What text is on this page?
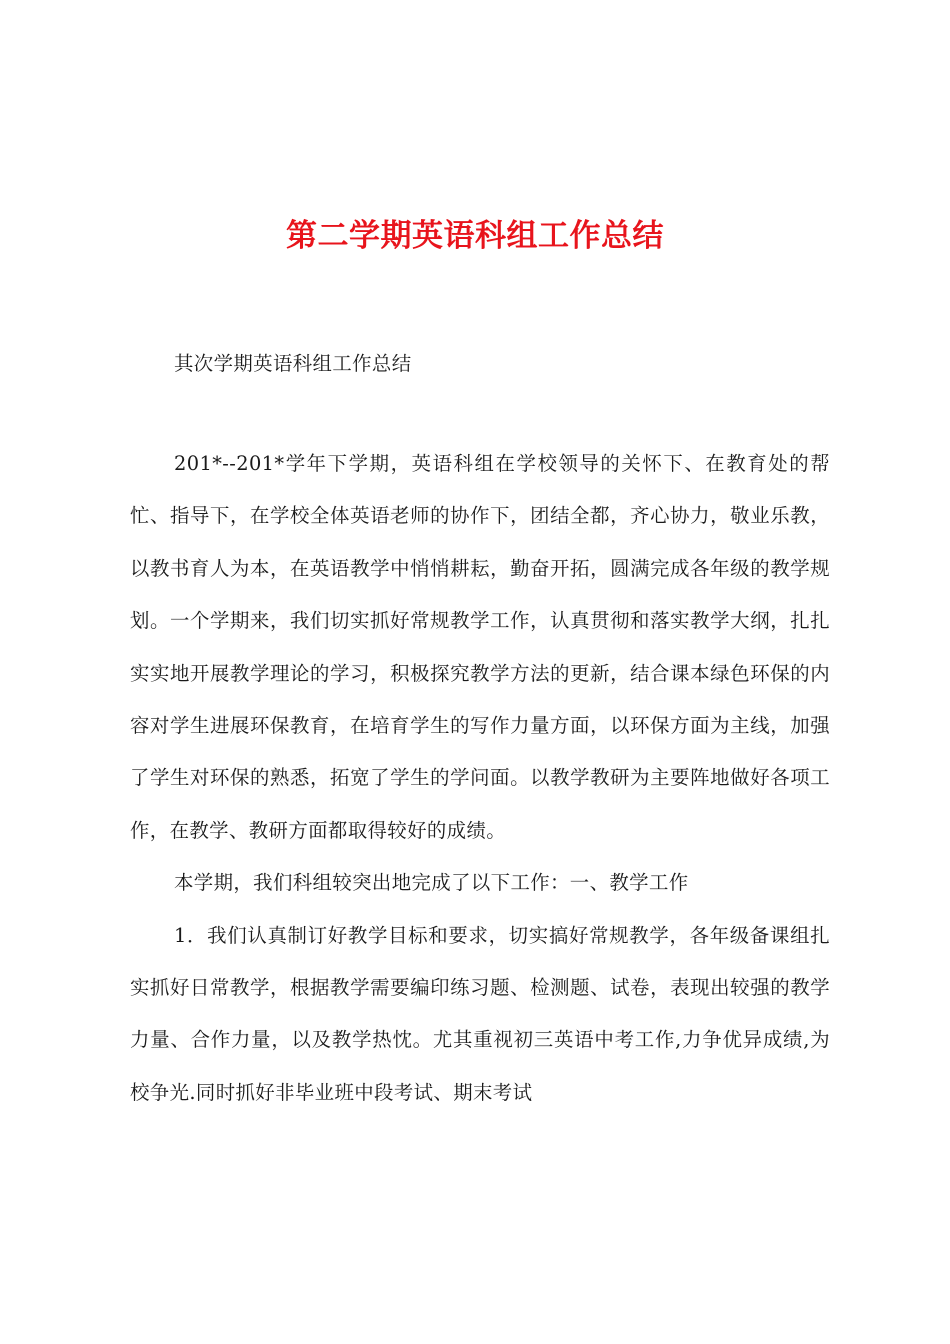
第二学期英语科组工作总结

其次学期英语科组工作总结

201*--201*学年下学期，英语科组在学校领导的关怀下、在教育处的帮忙、指导下，在学校全体英语老师的协作下，团结全都，齐心协力，敬业乐教，以教书育人为本，在英语教学中悄悄耕耘，勤奋开拓，圆满完成各年级的教学规划。一个学期来，我们切实抓好常规教学工作，认真贯彻和落实教学大纲，扎扎实实地开展教学理论的学习，积极探究教学方法的更新，结合课本绿色环保的内容对学生进展环保教育，在培育学生的写作力量方面，以环保方面为主线，加强了学生对环保的熟悉，拓宽了学生的学问面。以教学教研为主要阵地做好各项工作，在教学、教研方面都取得较好的成绩。

本学期，我们科组较突出地完成了以下工作：一、教学工作

1．我们认真制订好教学目标和要求，切实搞好常规教学，各年级备课组扎实抓好日常教学，根据教学需要编印练习题、检测题、试卷，表现出较强的教学力量、合作力量，以及教学热忱。尤其重视初三英语中考工作,力争优异成绩,为校争光.同时抓好非毕业班中段考试、期末考试
